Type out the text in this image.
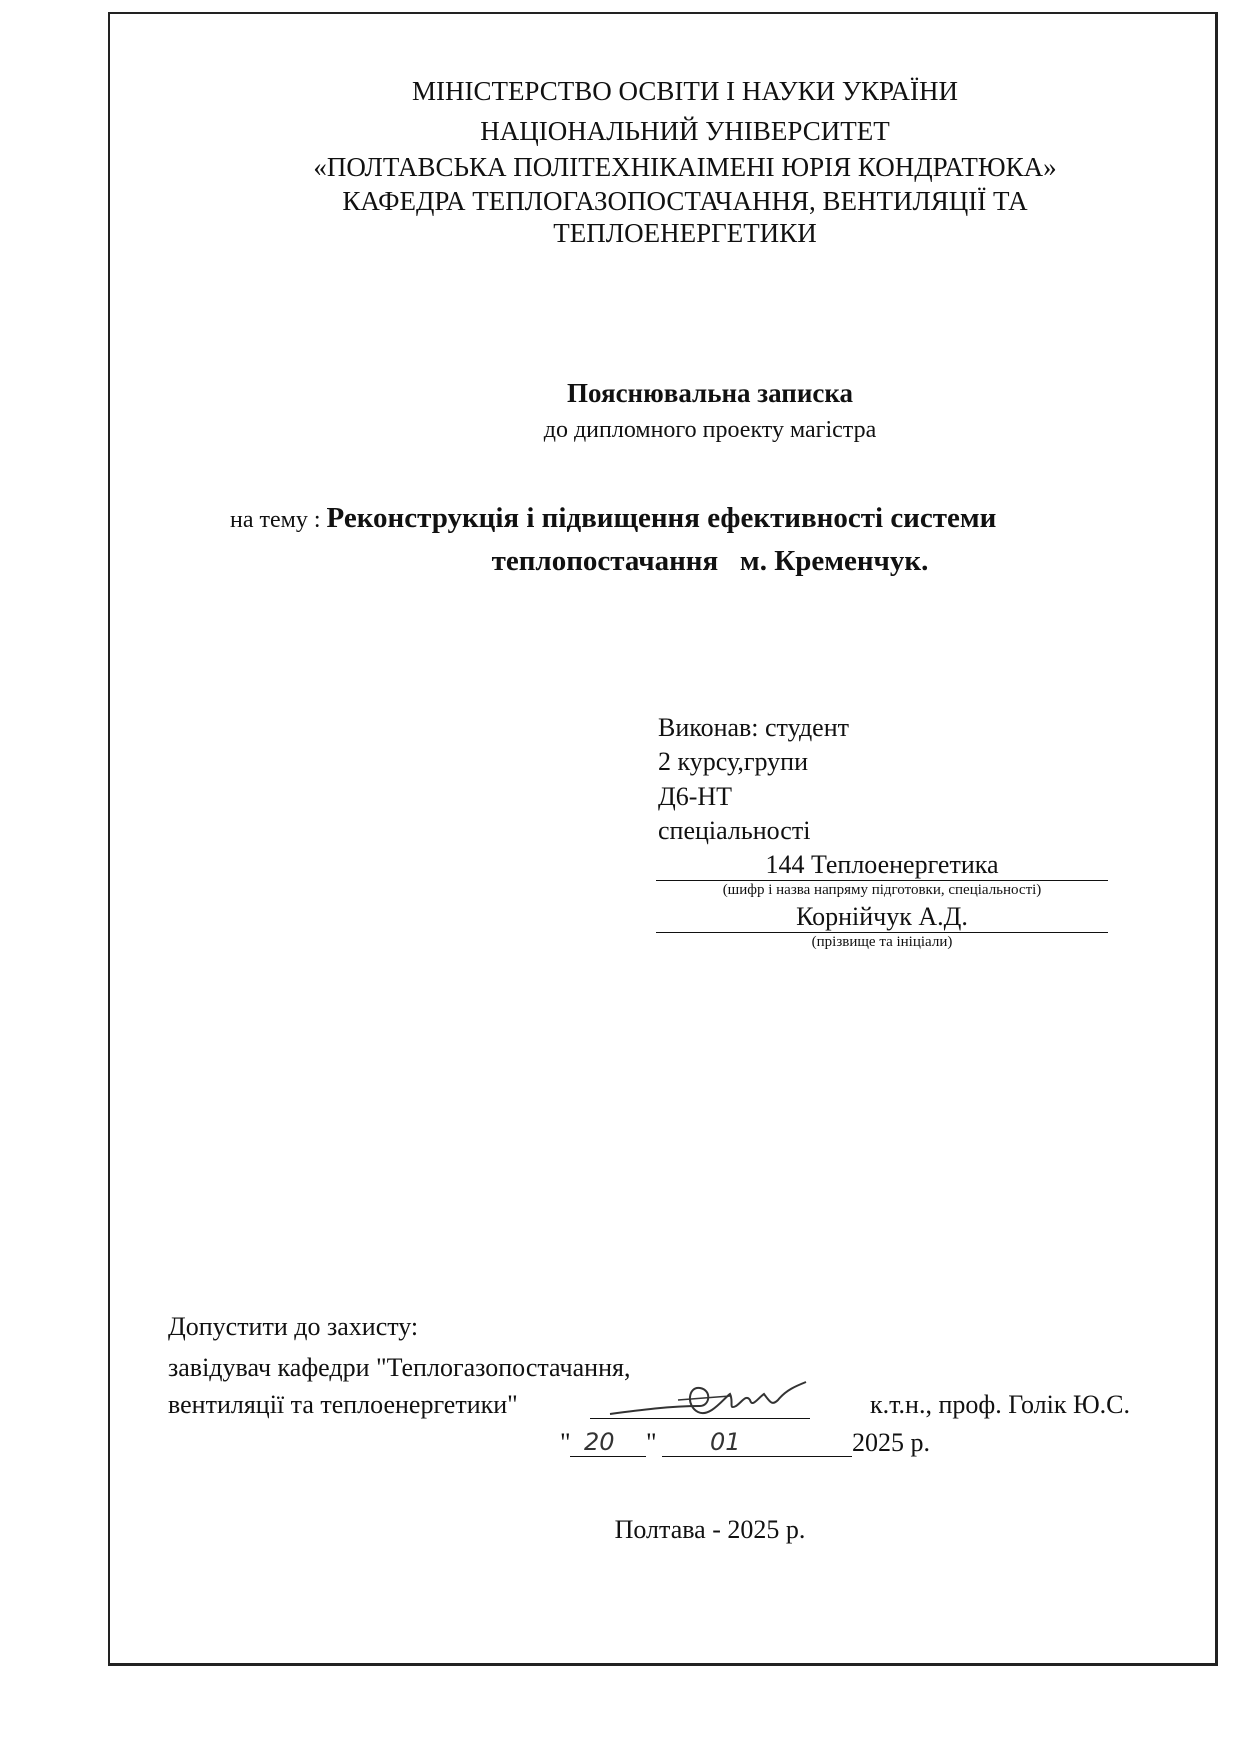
МІНІСТЕРСТВО ОСВІТИ І НАУКИ УКРАЇНИ
НАЦІОНАЛЬНИЙ УНІВЕРСИТЕТ
«ПОЛТАВСЬКА ПОЛІТЕХНІКАІМЕНІ ЮРІЯ КОНДРАТЮКА»
КАФЕДРА ТЕПЛОГАЗОПОСТАЧАННЯ, ВЕНТИЛЯЦІЇ ТА
ТЕПЛОЕНЕРГЕТИКИ
Пояснювальна записка
до дипломного проекту магістра
на тему : Реконструкція і підвищення ефективності системи
теплопостачання   м. Кременчук.
Виконав: студент
2 курсу,групи
Д6-НТ
спеціальності
144 Теплоенергетика
(шифр і назва напряму підготовки, спеціальності)
Корнійчук А.Д.
(прізвище та ініціали)
Допустити до захисту:
завідувач кафедри "Теплогазопостачання,
вентиляції та теплоенергетики"	к.т.н., проф. Голік Ю.С.
" 20 " 01	2025 р.
Полтава - 2025 р.
